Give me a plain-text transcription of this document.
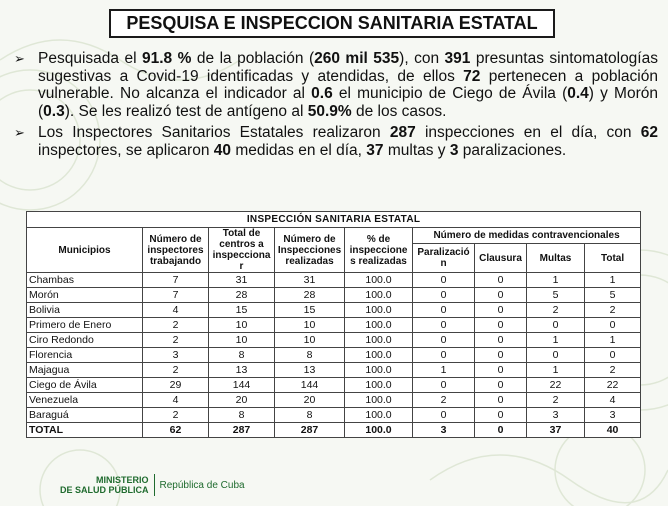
PESQUISA E INSPECCION SANITARIA ESTATAL

➢ Pesquisada el 91.8 % de la población (260 mil 535), con 391 presuntas sintomatologías sugestivas a Covid-19 identificadas y atendidas, de ellos 72 pertenecen a población vulnerable. No alcanza el indicador al 0.6 el municipio de Ciego de Ávila (0.4) y Morón (0.3). Se les realizó test de antígeno al 50.9% de los casos.

➢ Los Inspectores Sanitarios Estatales realizaron 287 inspecciones en el día, con 62 inspectores, se aplicaron 40 medidas en el día, 37 multas y 3 paralizaciones.

INSPECCIÓN SANITARIA ESTATAL								
Municipios	Número de inspectores trabajando	Total de centros a inspecciona r	Número de Inspecciones realizadas	% de inspeccione s realizadas	Número de medidas contravencionales			
					Paralizació n	Clausura	Multas	Total
Chambas	7	31	31	100.0	0	0	1	1
Morón	7	28	28	100.0	0	0	5	5
Bolivia	4	15	15	100.0	0	0	2	2
Primero de Enero	2	10	10	100.0	0	0	0	0
Ciro Redondo	2	10	10	100.0	0	0	1	1
Florencia	3	8	8	100.0	0	0	0	0
Majagua	2	13	13	100.0	1	0	1	2
Ciego de Ávila	29	144	144	100.0	0	0	22	22
Venezuela	4	20	20	100.0	2	0	2	4
Baraguá	2	8	8	100.0	0	0	3	3
TOTAL	62	287	287	100.0	3	0	37	40
MINISTERIO
DE SALUD PÚBLICA República de Cuba
